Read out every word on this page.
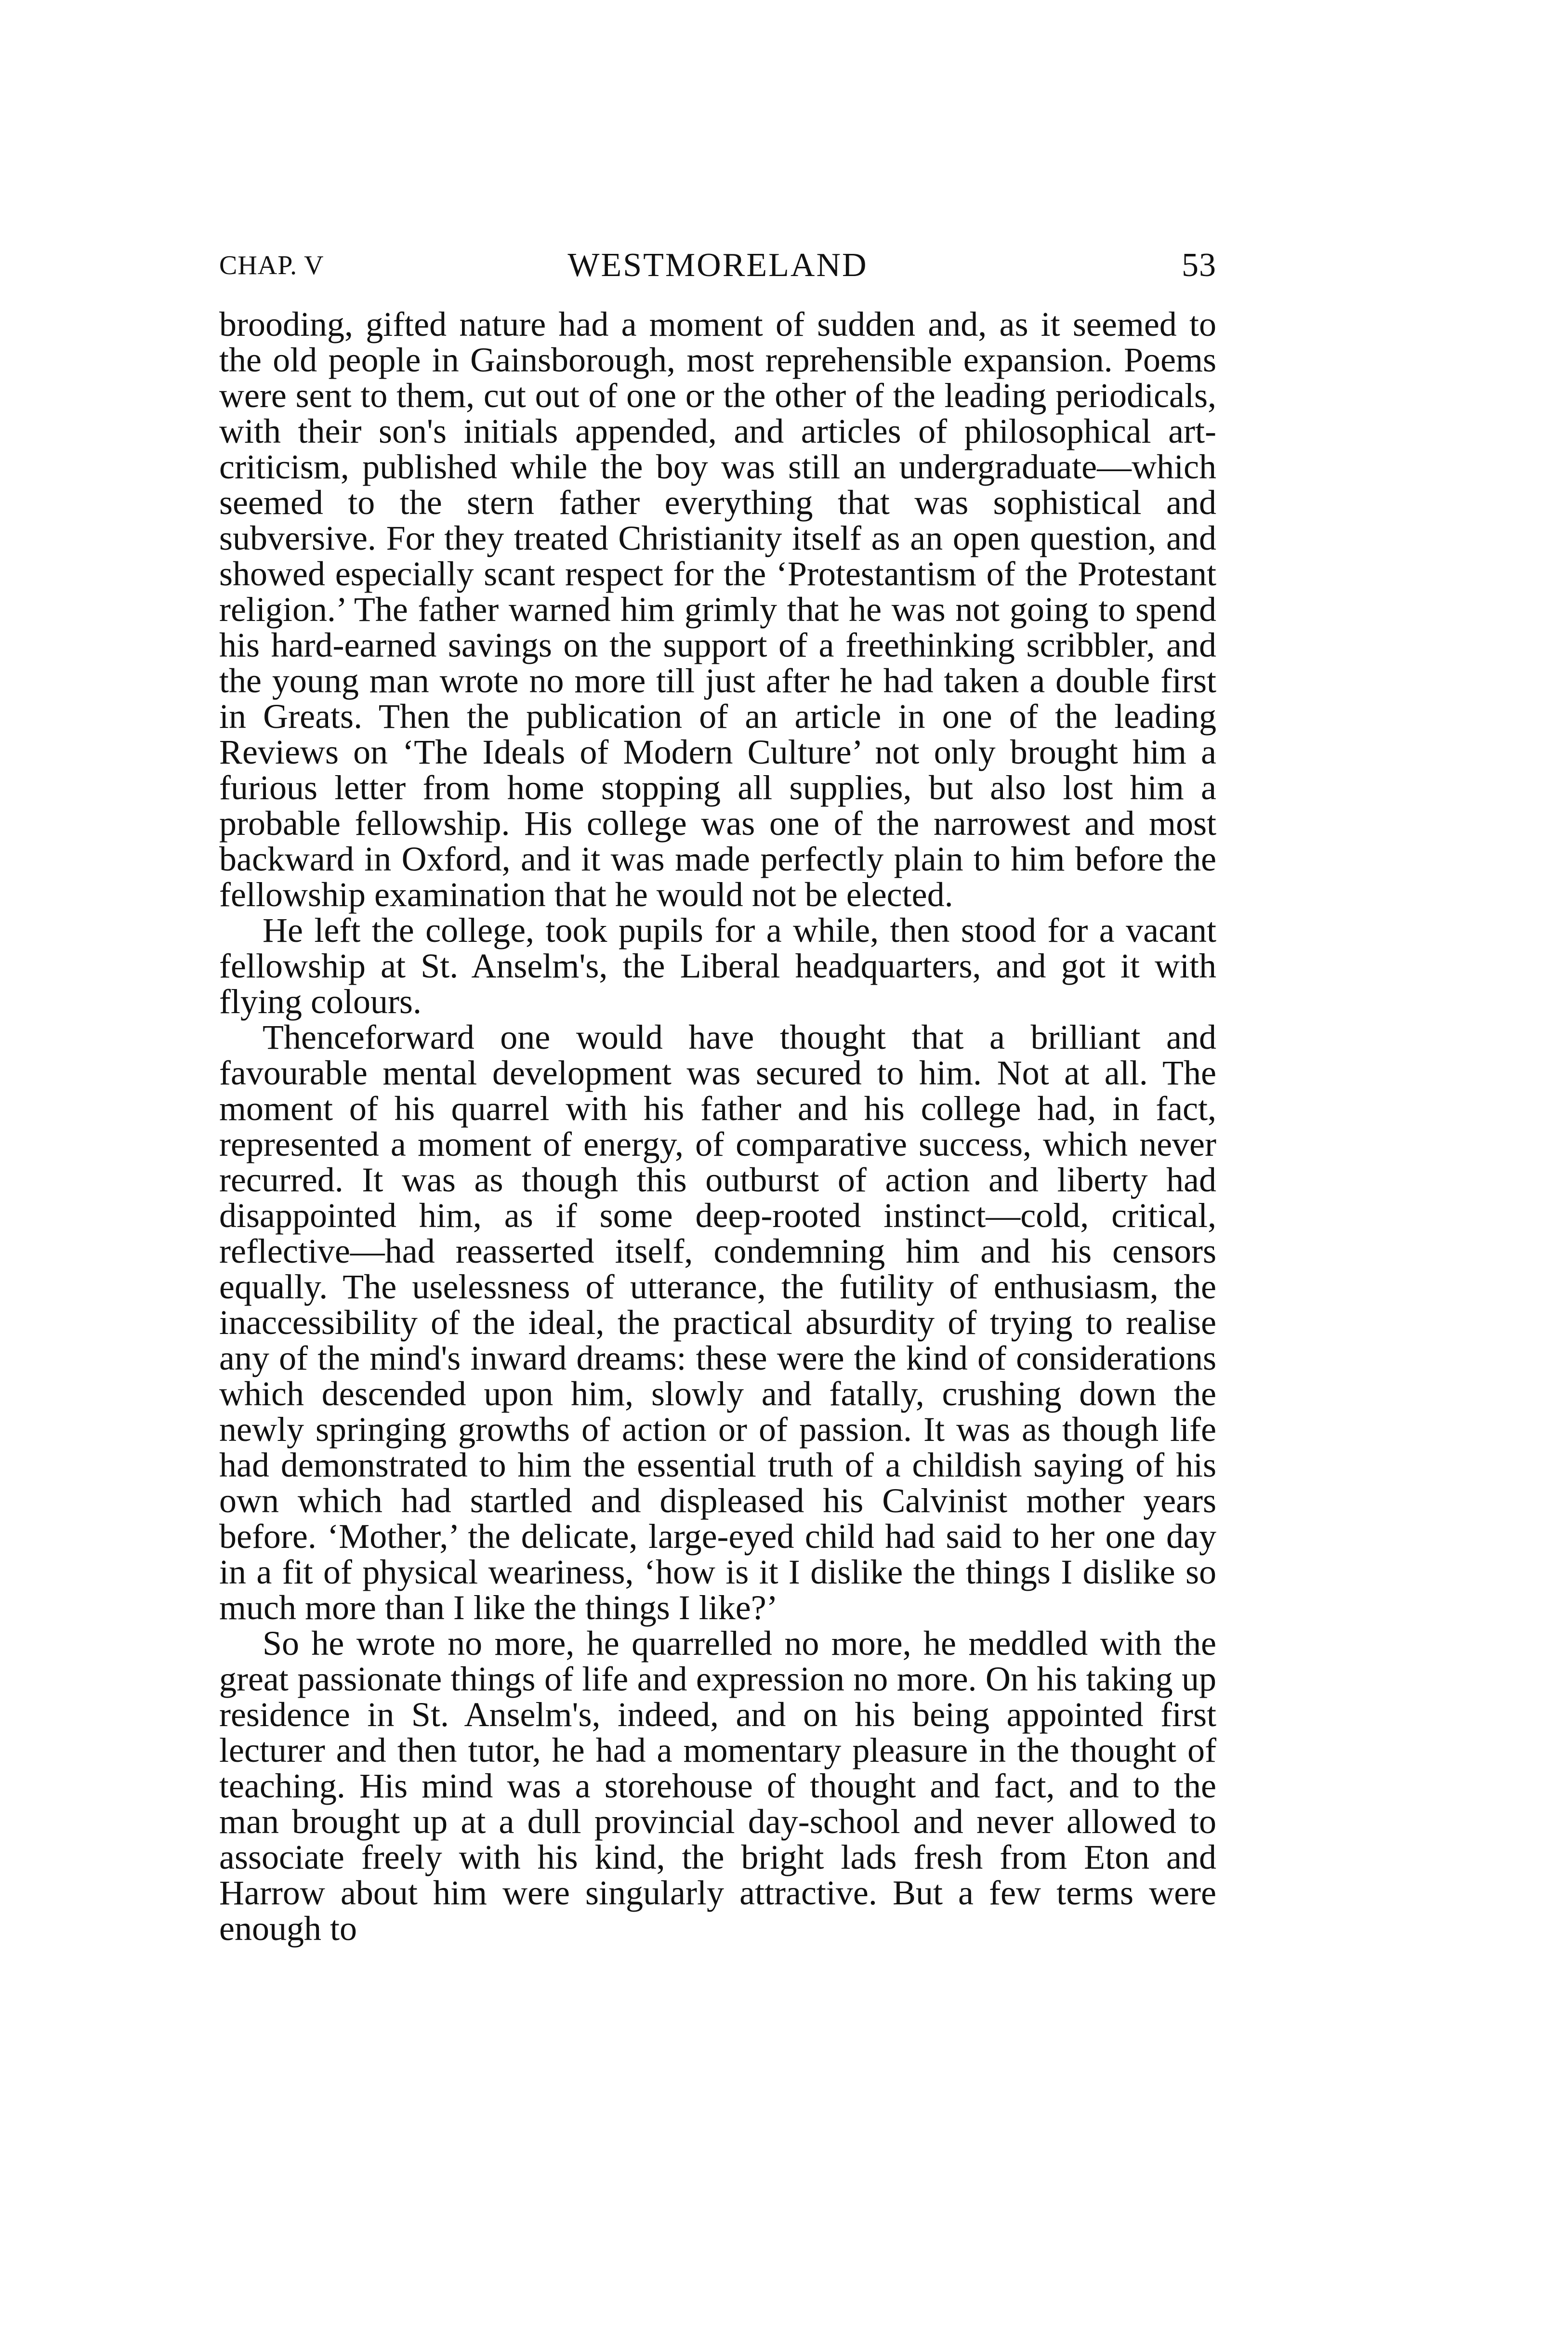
CHAP. V	WESTMORELAND	53

brooding, gifted nature had a moment of sudden and, as it seemed to the old people in Gainsborough, most reprehensible expansion. Poems were sent to them, cut out of one or the other of the leading periodicals, with their son's initials appended, and articles of philosophical art-criticism, published while the boy was still an undergraduate—which seemed to the stern father everything that was sophistical and subversive. For they treated Christianity itself as an open question, and showed especially scant respect for the ‘Protestantism of the Protestant religion.’ The father warned him grimly that he was not going to spend his hard-earned savings on the support of a freethinking scribbler, and the young man wrote no more till just after he had taken a double first in Greats. Then the publication of an article in one of the leading Reviews on ‘The Ideals of Modern Culture’ not only brought him a furious letter from home stopping all supplies, but also lost him a probable fellowship. His college was one of the narrowest and most backward in Oxford, and it was made perfectly plain to him before the fellowship examination that he would not be elected.

He left the college, took pupils for a while, then stood for a vacant fellowship at St. Anselm's, the Liberal headquarters, and got it with flying colours.

Thenceforward one would have thought that a brilliant and favourable mental development was secured to him. Not at all. The moment of his quarrel with his father and his college had, in fact, represented a moment of energy, of comparative success, which never recurred. It was as though this outburst of action and liberty had disappointed him, as if some deep-rooted instinct—cold, critical, reflective—had reasserted itself, condemning him and his censors equally. The uselessness of utterance, the futility of enthusiasm, the inaccessibility of the ideal, the practical absurdity of trying to realise any of the mind's inward dreams: these were the kind of considerations which descended upon him, slowly and fatally, crushing down the newly springing growths of action or of passion. It was as though life had demonstrated to him the essential truth of a childish saying of his own which had startled and displeased his Calvinist mother years before. ‘Mother,’ the delicate, large-eyed child had said to her one day in a fit of physical weariness, ‘how is it I dislike the things I dislike so much more than I like the things I like?’

So he wrote no more, he quarrelled no more, he meddled with the great passionate things of life and expression no more. On his taking up residence in St. Anselm's, indeed, and on his being appointed first lecturer and then tutor, he had a momentary pleasure in the thought of teaching. His mind was a storehouse of thought and fact, and to the man brought up at a dull provincial day-school and never allowed to associate freely with his kind, the bright lads fresh from Eton and Harrow about him were singularly attractive. But a few terms were enough to
